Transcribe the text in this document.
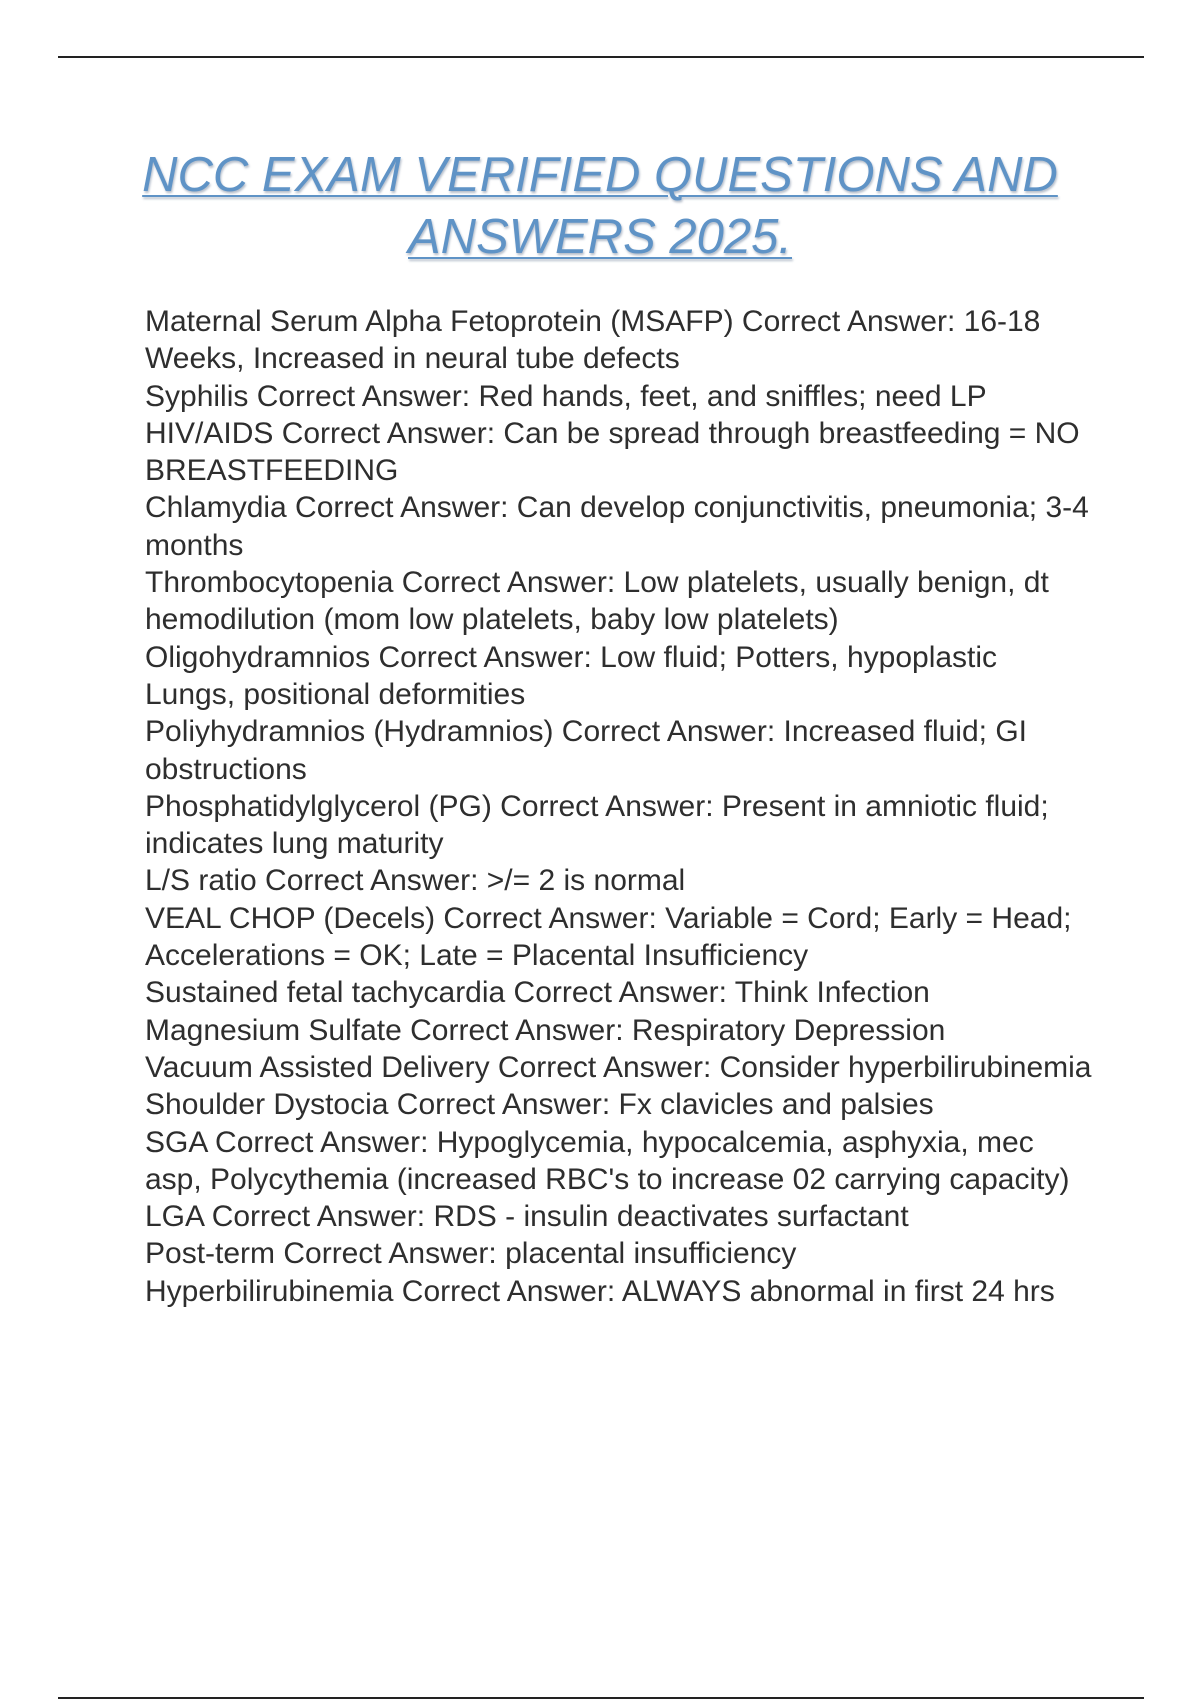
NCC EXAM VERIFIED QUESTIONS AND
ANSWERS 2025.
Maternal Serum Alpha Fetoprotein (MSAFP) Correct Answer: 16-18 Weeks, Increased in neural tube defects
Syphilis Correct Answer: Red hands, feet, and sniffles; need LP
HIV/AIDS Correct Answer: Can be spread through breastfeeding = NO BREASTFEEDING
Chlamydia Correct Answer: Can develop conjunctivitis, pneumonia; 3-4 months
Thrombocytopenia Correct Answer: Low platelets, usually benign, dt hemodilution (mom low platelets, baby low platelets)
Oligohydramnios Correct Answer: Low fluid; Potters, hypoplastic Lungs, positional deformities
Poliyhydramnios (Hydramnios) Correct Answer: Increased fluid; GI obstructions
Phosphatidylglycerol (PG) Correct Answer: Present in amniotic fluid; indicates lung maturity
L/S ratio Correct Answer: >/= 2 is normal
VEAL CHOP (Decels) Correct Answer: Variable = Cord; Early = Head; Accelerations = OK; Late = Placental Insufficiency
Sustained fetal tachycardia Correct Answer: Think Infection
Magnesium Sulfate Correct Answer: Respiratory Depression
Vacuum Assisted Delivery Correct Answer: Consider hyperbilirubinemia
Shoulder Dystocia Correct Answer: Fx clavicles and palsies
SGA Correct Answer: Hypoglycemia, hypocalcemia, asphyxia, mec asp, Polycythemia (increased RBC's to increase 02 carrying capacity)
LGA Correct Answer: RDS - insulin deactivates surfactant
Post-term Correct Answer: placental insufficiency
Hyperbilirubinemia Correct Answer: ALWAYS abnormal in first 24 hrs
